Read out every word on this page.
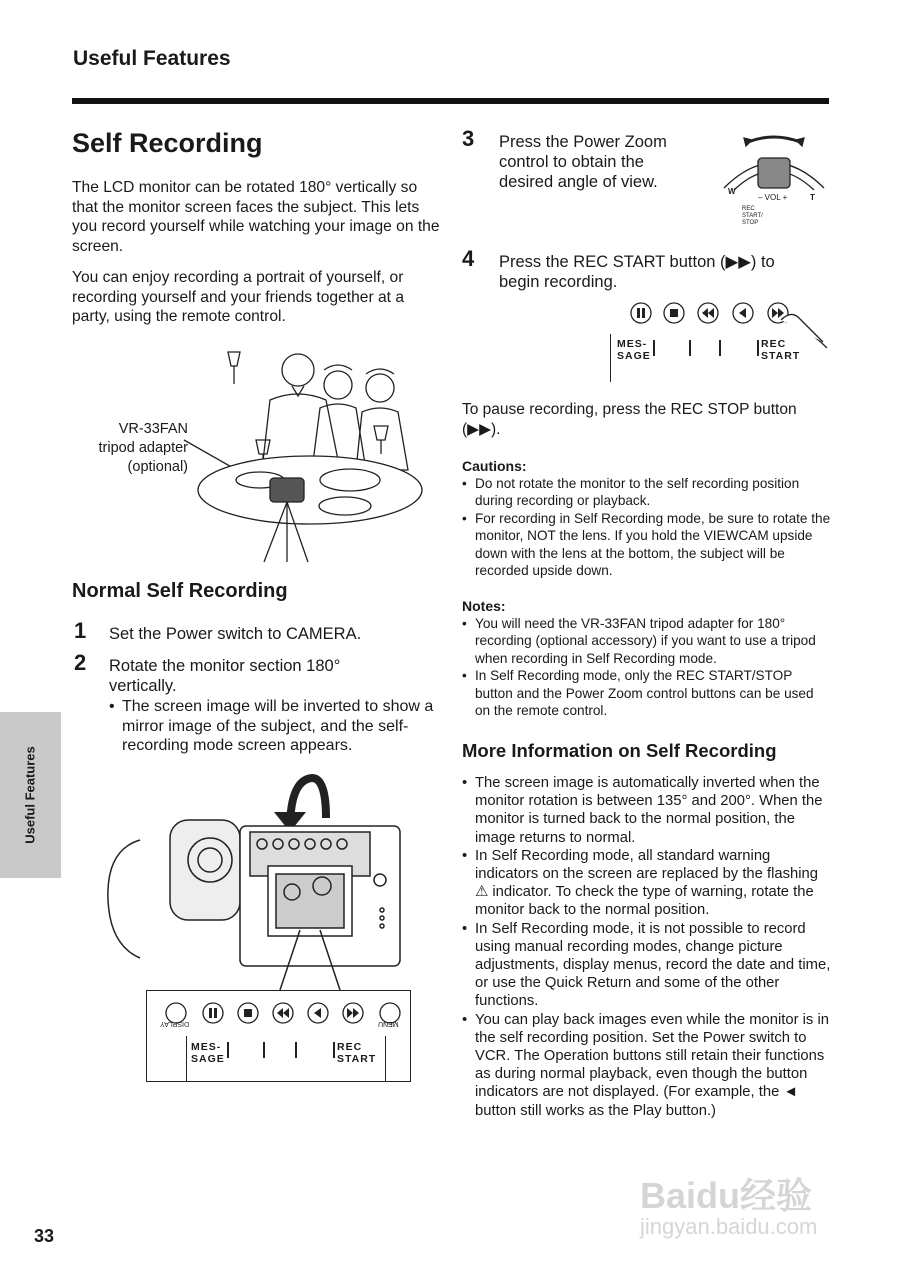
Useful Features
Useful Features
33
Self Recording

The LCD monitor can be rotated 180° vertically so that the monitor screen faces the subject. This lets you record yourself while watching your image on the screen.

You can enjoy recording a portrait of yourself, or recording yourself and your friends together at a party, using the remote control.

VR-33FAN
tripod adapter
(optional)
Normal Self Recording
1 Set the Power switch to CAMERA.
2 Rotate the monitor section 180° vertically.
• The screen image will be inverted to show a mirror image of the subject, and the self-recording mode screen appears.
DISPLAY	MENU
MES-
SAGE
REC
START
3 Press the Power Zoom control to obtain the desired angle of view.
W
T
– VOL +
REC
START/
STOP
4 Press the REC START button (▶▶) to begin recording.
MES-
SAGE
REC
START

To pause recording, press the REC STOP button (▶▶).

Cautions:
• Do not rotate the monitor to the self recording position during recording or playback.
• For recording in Self Recording mode, be sure to rotate the monitor, NOT the lens. If you hold the VIEWCAM upside down with the lens at the bottom, the subject will be recorded upside down.
Notes:
• You will need the VR-33FAN tripod adapter for 180° recording (optional accessory) if you want to use a tripod when recording in Self Recording mode.
• In Self Recording mode, only the REC START/STOP button and the Power Zoom control buttons can be used on the remote control.
More Information on Self Recording
• The screen image is automatically inverted when the monitor rotation is between 135° and 200°. When the monitor is turned back to the normal position, the image returns to normal.
• In Self Recording mode, all standard warning indicators on the screen are replaced by the flashing ⚠ indicator. To check the type of warning, rotate the monitor back to the normal position.
• In Self Recording mode, it is not possible to record using manual recording modes, change picture adjustments, display menus, record the date and time, or use the Quick Return and some of the other functions.
• You can play back images even while the monitor is in the self recording position. Set the Power switch to VCR. The Operation buttons still retain their functions as during normal playback, even though the button indicators are not displayed. (For example, the ◄ button still works as the Play button.)
Baidu经验
jingyan.baidu.com
